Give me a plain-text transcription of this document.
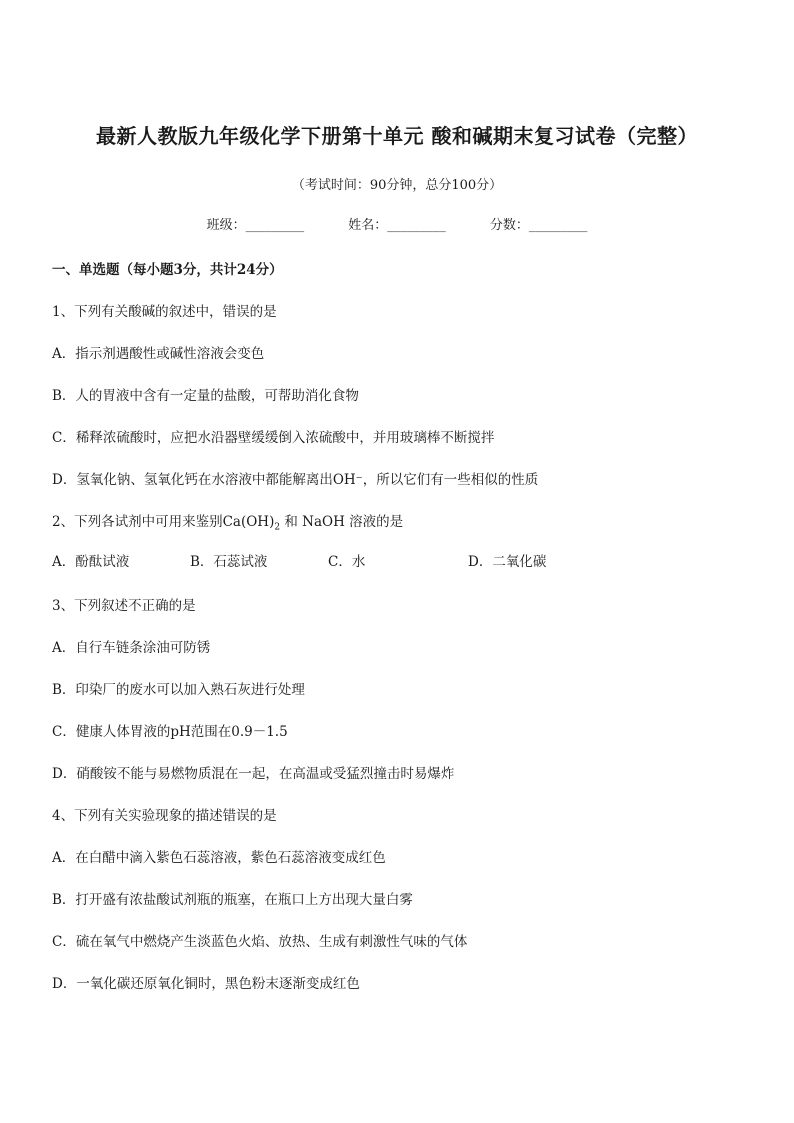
最新人教版九年级化学下册第十单元 酸和碱期末复习试卷（完整）
（考试时间：90分钟，总分100分）
班级：_________	姓名：_________	分数：_________
一、单选题（每小题3分，共计24分）
1、下列有关酸碱的叙述中，错误的是
A．指示剂遇酸性或碱性溶液会变色
B．人的胃液中含有一定量的盐酸，可帮助消化食物
C．稀释浓硫酸时，应把水沿器壁缓缓倒入浓硫酸中，并用玻璃棒不断搅拌
D．氢氧化钠、氢氧化钙在水溶液中都能解离出OH⁻，所以它们有一些相似的性质
2、下列各试剂中可用来鉴别$Ca(OH)_2$ 和 NaOH 溶液的是
A．酚酞试液	B．石蕊试液	C．水	D．二氧化碳
3、下列叙述不正确的是
A．自行车链条涂油可防锈
B．印染厂的废水可以加入熟石灰进行处理
C．健康人体胃液的pH范围在0.9－1.5
D．硝酸铵不能与易燃物质混在一起，在高温或受猛烈撞击时易爆炸
4、下列有关实验现象的描述错误的是
A．在白醋中滴入紫色石蕊溶液，紫色石蕊溶液变成红色
B．打开盛有浓盐酸试剂瓶的瓶塞，在瓶口上方出现大量白雾
C．硫在氧气中燃烧产生淡蓝色火焰、放热、生成有刺激性气味的气体
D．一氧化碳还原氧化铜时，黑色粉末逐渐变成红色
